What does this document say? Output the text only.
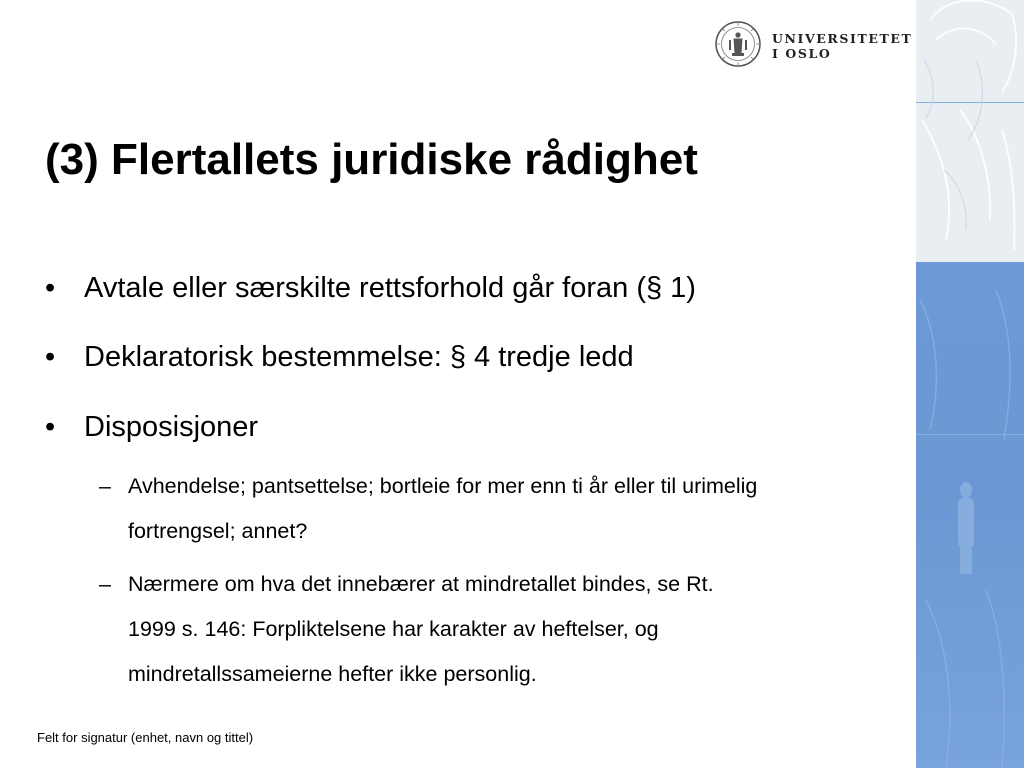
UNIVERSITETET
I OSLO
(3) Flertallets juridiske rådighet
• Avtale eller særskilte rettsforhold går foran (§ 1)
• Deklaratorisk bestemmelse: § 4 tredje ledd
• Disposisjoner
– Avhendelse; pantsettelse; bortleie for mer enn ti år eller til urimelig
fortrengsel; annet?
– Nærmere om hva det innebærer at mindretallet bindes, se Rt.
1999 s. 146: Forpliktelsene har karakter av heftelser, og
mindretallssameierne hefter ikke personlig.
Felt for signatur (enhet, navn og tittel)
